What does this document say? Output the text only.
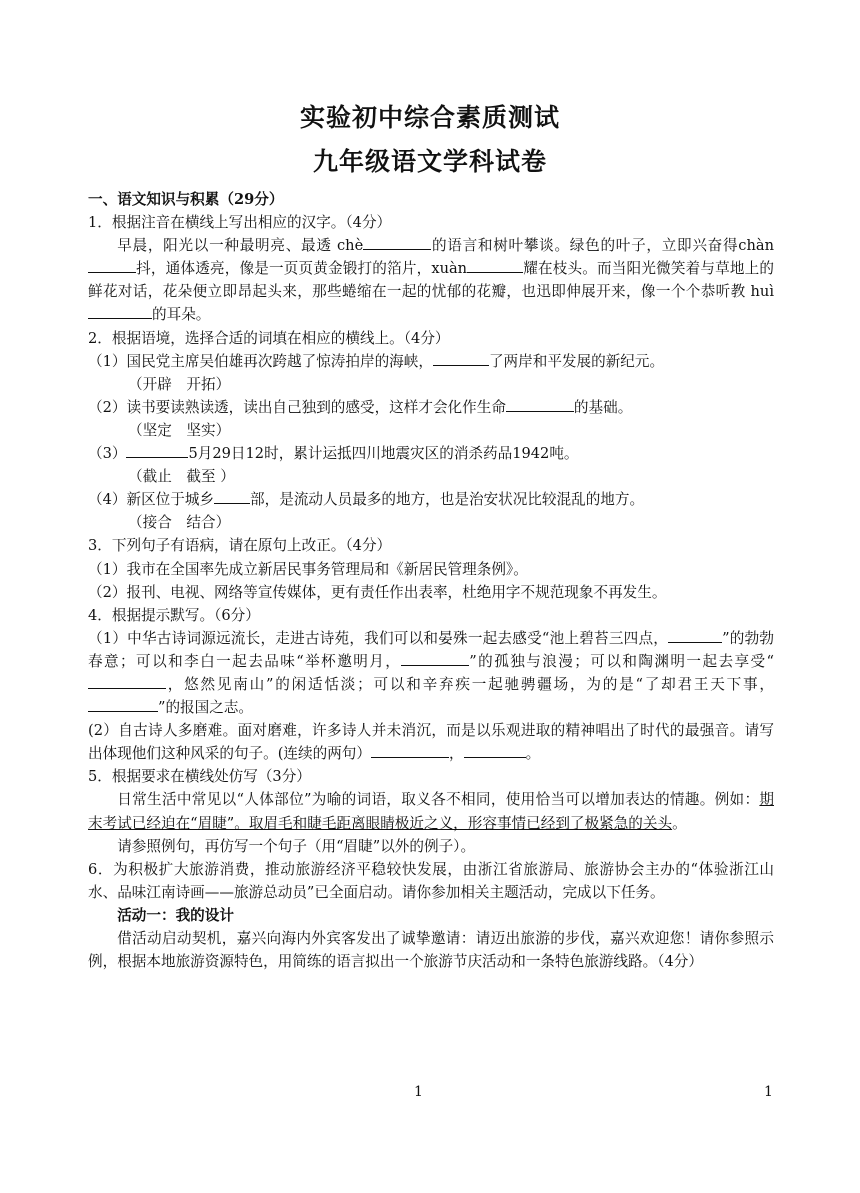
实验初中综合素质测试
九年级语文学科试卷

一、语文知识与积累（29分）

1．根据注音在横线上写出相应的汉字。（4分）

早晨，阳光以一种最明亮、最透 chè	的语言和树叶攀谈。绿色的叶子，立即兴奋得chàn抖，通体透亮，像是一页页黄金锻打的箔片，xuàn	耀在枝头。而当阳光微笑着与草地上的鲜花对话，花朵便立即昂起头来，那些蜷缩在一起的忧郁的花瓣，也迅即伸展开来，像一个个恭听教 huì的耳朵。

2．根据语境，选择合适的词填在相应的横线上。（4分）

（1）国民党主席吴伯雄再次跨越了惊涛拍岸的海峡，	了两岸和平发展的新纪元。

（开辟　开拓）

（2）读书要读熟读透，读出自己独到的感受，这样才会化作生命	的基础。

（坚定　坚实）

（3）	5月29日12时，累计运抵四川地震灾区的消杀药品1942吨。

（截止　截至 ）

（4）新区位于城乡 部，是流动人员最多的地方，也是治安状况比较混乱的地方。

（接合　结合）

3．下列句子有语病，请在原句上改正。（4分）

（1）我市在全国率先成立新居民事务管理局和《新居民管理条例》。

（2）报刊、电视、网络等宣传媒体，更有责任作出表率，杜绝用字不规范现象不再发生。

4．根据提示默写。（6分）

（1）中华古诗词源远流长，走进古诗苑，我们可以和晏殊一起去感受“池上碧苔三四点，	”的勃勃春意；可以和李白一起去品味“举杯邀明月，	”的孤独与浪漫；可以和陶渊明一起去享受“，悠然见南山”的闲适恬淡；可以和辛弃疾一起驰骋疆场，为的是“了却君王天下事，”的报国之志。

(2）自古诗人多磨难。面对磨难，许多诗人并未消沉，而是以乐观进取的精神唱出了时代的最强音。请写出体现他们这种风采的句子。(连续的两句）	，	。

5．根据要求在横线处仿写（3分）

日常生活中常见以“人体部位”为喻的词语，取义各不相同，使用恰当可以增加表达的情趣。例如：期末考试已经迫在“眉睫”。取眉毛和睫毛距离眼睛极近之义，形容事情已经到了极紧急的关头。

请参照例句，再仿写一个句子（用“眉睫”以外的例子）。

6．为积极扩大旅游消费，推动旅游经济平稳较快发展，由浙江省旅游局、旅游协会主办的“体验浙江山水、品味江南诗画——旅游总动员”已全面启动。请你参加相关主题活动，完成以下任务。

活动一：我的设计

借活动启动契机，嘉兴向海内外宾客发出了诚挚邀请：请迈出旅游的步伐，嘉兴欢迎您！请你参照示例，根据本地旅游资源特色，用简练的语言拟出一个旅游节庆活动和一条特色旅游线路。（4分）

1	1
